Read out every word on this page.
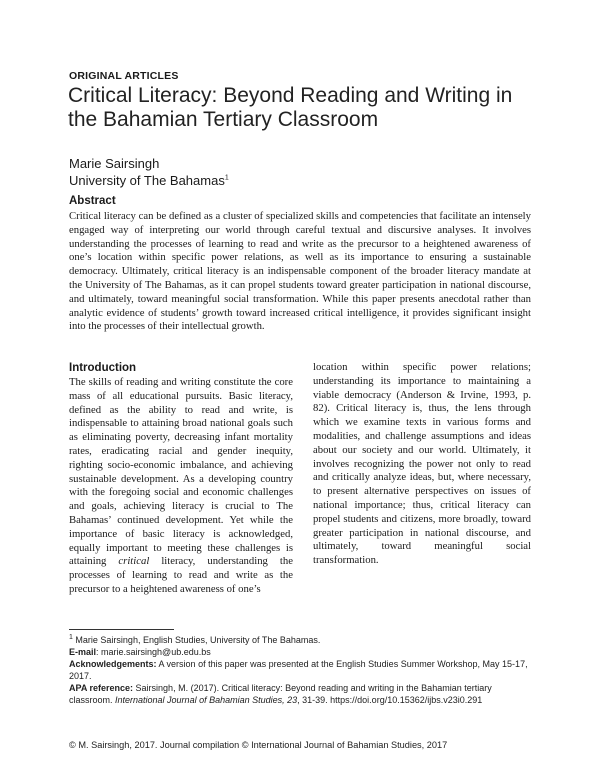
ORIGINAL ARTICLES
Critical Literacy: Beyond Reading and Writing in the Bahamian Tertiary Classroom
Marie Sairsingh
University of The Bahamas$^1$
Abstract
Critical literacy can be defined as a cluster of specialized skills and competencies that facilitate an intensely engaged way of interpreting our world through careful textual and discursive analyses. It involves understanding the processes of learning to read and write as the precursor to a heightened awareness of one’s location within specific power relations, as well as its importance to ensuring a sustainable democracy. Ultimately, critical literacy is an indispensable component of the broader literacy mandate at the University of The Bahamas, as it can propel students toward greater participation in national discourse, and ultimately, toward meaningful social transformation. While this paper presents anecdotal rather than analytic evidence of students’ growth toward increased critical intelligence, it provides significant insight into the processes of their intellectual growth.
Introduction
The skills of reading and writing constitute the core mass of all educational pursuits. Basic literacy, defined as the ability to read and write, is indispensable to attaining broad national goals such as eliminating poverty, decreasing infant mortality rates, eradicating racial and gender inequity, righting socio-economic imbalance, and achieving sustainable development. As a developing country with the foregoing social and economic challenges and goals, achieving literacy is crucial to The Bahamas’ continued development. Yet while the importance of basic literacy is acknowledged, equally important to meeting these challenges is attaining critical literacy, understanding the processes of learning to read and write as the precursor to a heightened awareness of one’s
location within specific power relations; understanding its importance to maintaining a viable democracy (Anderson & Irvine, 1993, p. 82). Critical literacy is, thus, the lens through which we examine texts in various forms and modalities, and challenge assumptions and ideas about our society and our world. Ultimately, it involves recognizing the power not only to read and critically analyze ideas, but, where necessary, to present alternative perspectives on issues of national importance; thus, critical literacy can propel students and citizens, more broadly, toward greater participation in national discourse, and ultimately, toward meaningful social transformation.
$^1$ Marie Sairsingh, English Studies, University of The Bahamas.
E-mail: marie.sairsingh@ub.edu.bs
Acknowledgements: A version of this paper was presented at the English Studies Summer Workshop, May 15-17, 2017.
APA reference: Sairsingh, M. (2017). Critical literacy: Beyond reading and writing in the Bahamian tertiary classroom. International Journal of Bahamian Studies, 23, 31-39. https://doi.org/10.15362/ijbs.v23i0.291
© M. Sairsingh, 2017. Journal compilation © International Journal of Bahamian Studies, 2017
